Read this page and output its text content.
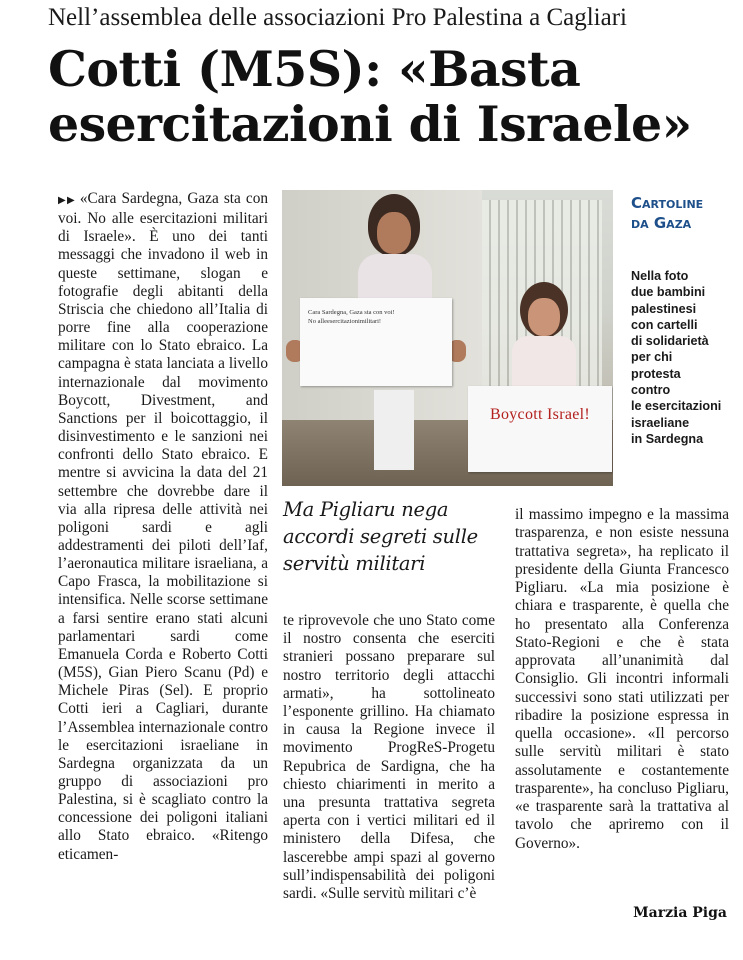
Nell’assemblea delle associazioni Pro Palestina a Cagliari
Cotti (M5S): «Basta
esercitazioni di Israele»
▶▶ «Cara Sardegna, Gaza sta con voi. No alle esercitazioni militari di Israele». È uno dei tanti messaggi che invadono il web in queste settimane, slogan e fotografie degli abitanti della Striscia che chiedono all’Italia di porre fine alla cooperazione militare con lo Stato ebraico. La campagna è stata lanciata a livello internazionale dal movimento Boycott, Divestment, and Sanctions per il boicottaggio, il disinvestimento e le sanzioni nei confronti dello Stato ebraico. E mentre si avvicina la data del 21 settembre che dovrebbe dare il via alla ripresa delle attività nei poligoni sardi e agli addestramenti dei piloti dell’Iaf, l’aeronautica militare israeliana, a Capo Frasca, la mobilitazione si intensifica. Nelle scorse settimane a farsi sentire erano stati alcuni parlamentari sardi come Emanuela Corda e Roberto Cotti (M5S), Gian Piero Scanu (Pd) e Michele Piras (Sel). E proprio Cotti ieri a Cagliari, durante l’Assemblea internazionale contro le esercitazioni israeliane in Sardegna organizzata da un gruppo di associazioni pro Palestina, si è scagliato contro la concessione dei poligoni italiani allo Stato ebraico. «Ritengo eticamen-
Cara Sardegna, Gaza sta con voi!
No alleesercitazionimilitari!
Boycott Israel!
Cartoline
da Gaza
Nella foto
due bambini
palestinesi
con cartelli
di solidarietà
per chi
protesta
contro
le esercitazioni
israeliane
in Sardegna
Ma Pigliaru nega accordi segreti sulle servitù militari
te riprovevole che uno Stato come il nostro consenta che eserciti stranieri possano preparare sul nostro territorio degli attacchi armati», ha sottolineato l’esponente grillino. Ha chiamato in causa la Regione invece il movimento ProgReS-Progetu Repubrica de Sardigna, che ha chiesto chiarimenti in merito a una presunta trattativa segreta aperta con i vertici militari ed il ministero della Difesa, che lascerebbe ampi spazi al governo sull’indispensabilità dei poligoni sardi. «Sulle servitù militari c’è
il massimo impegno e la massima trasparenza, e non esiste nessuna trattativa segreta», ha replicato il presidente della Giunta Francesco Pigliaru. «La mia posizione è chiara e trasparente, è quella che ho presentato alla Conferenza Stato-Regioni e che è stata approvata all’unanimità dal Consiglio. Gli incontri informali successivi sono stati utilizzati per ribadire la posizione espressa in quella occasione». «Il percorso sulle servitù militari è stato assolutamente e costantemente trasparente», ha concluso Pigliaru, «e trasparente sarà la trattativa al tavolo che apriremo con il Governo».
Marzia Piga
